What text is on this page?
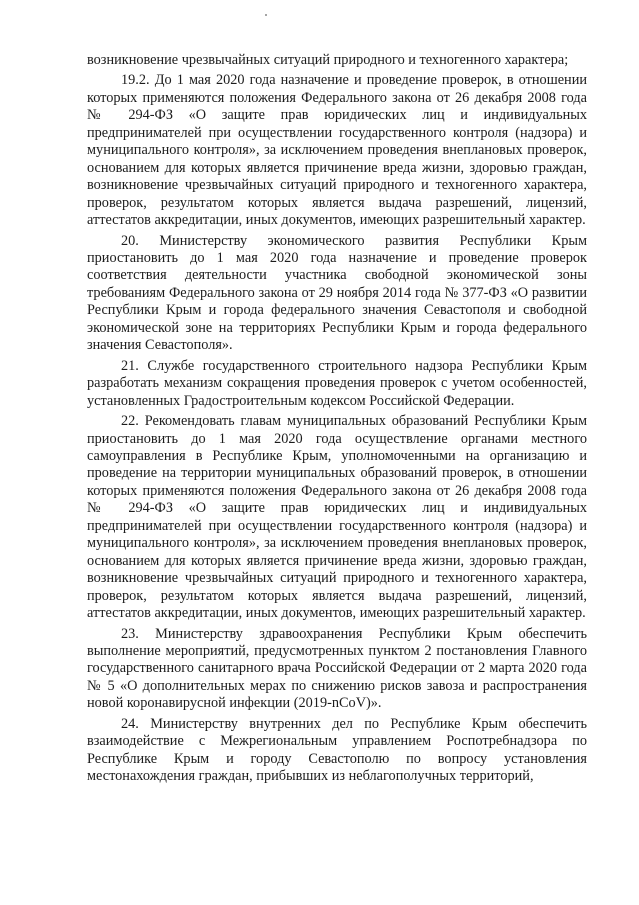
возникновение чрезвычайных ситуаций природного и техногенного характера;

19.2. До 1 мая 2020 года назначение и проведение проверок, в отношении которых применяются положения Федерального закона от 26 декабря 2008 года № 294-ФЗ «О защите прав юридических лиц и индивидуальных предпринимателей при осуществлении государственного контроля (надзора) и муниципального контроля», за исключением проведения внеплановых проверок, основанием для которых является причинение вреда жизни, здоровью граждан, возникновение чрезвычайных ситуаций природного и техногенного характера, проверок, результатом которых является выдача разрешений, лицензий, аттестатов аккредитации, иных документов, имеющих разрешительный характер.

20. Министерству экономического развития Республики Крым приостановить до 1 мая 2020 года назначение и проведение проверок соответствия деятельности участника свободной экономической зоны требованиям Федерального закона от 29 ноября 2014 года № 377-ФЗ «О развитии Республики Крым и города федерального значения Севастополя и свободной экономической зоне на территориях Республики Крым и города федерального значения Севастополя».

21. Службе государственного строительного надзора Республики Крым разработать механизм сокращения проведения проверок с учетом особенностей, установленных Градостроительным кодексом Российской Федерации.

22. Рекомендовать главам муниципальных образований Республики Крым приостановить до 1 мая 2020 года осуществление органами местного самоуправления в Республике Крым, уполномоченными на организацию и проведение на территории муниципальных образований проверок, в отношении которых применяются положения Федерального закона от 26 декабря 2008 года № 294-ФЗ «О защите прав юридических лиц и индивидуальных предпринимателей при осуществлении государственного контроля (надзора) и муниципального контроля», за исключением проведения внеплановых проверок, основанием для которых является причинение вреда жизни, здоровью граждан, возникновение чрезвычайных ситуаций природного и техногенного характера, проверок, результатом которых является выдача разрешений, лицензий, аттестатов аккредитации, иных документов, имеющих разрешительный характер.

23. Министерству здравоохранения Республики Крым обеспечить выполнение мероприятий, предусмотренных пунктом 2 постановления Главного государственного санитарного врача Российской Федерации от 2 марта 2020 года № 5 «О дополнительных мерах по снижению рисков завоза и распространения новой коронавирусной инфекции (2019-nCoV)».

24. Министерству внутренних дел по Республике Крым обеспечить взаимодействие с Межрегиональным управлением Роспотребнадзора по Республике Крым и городу Севастополю по вопросу установления местонахождения граждан, прибывших из неблагополучных территорий,
